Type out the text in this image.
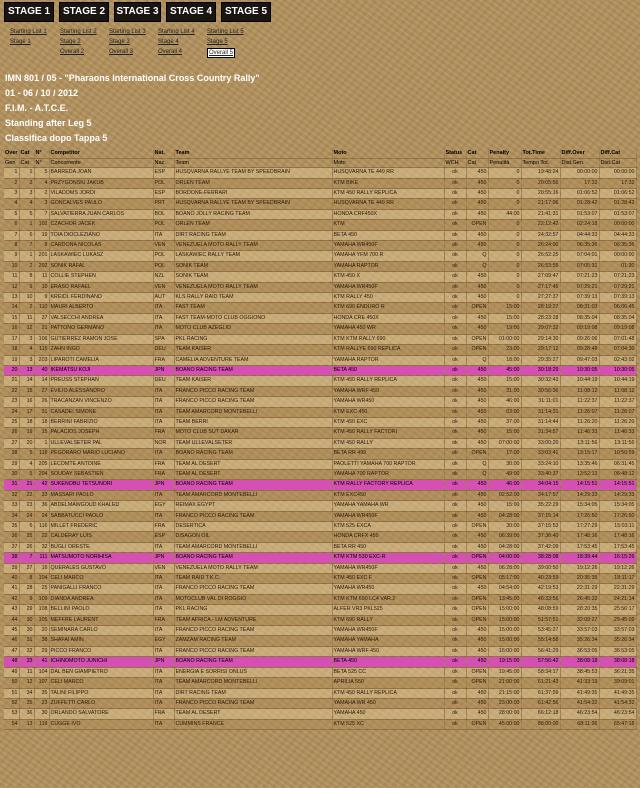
STAGE 1	STAGE 2	STAGE 3	STAGE 4	STAGE 5
Starting List 1
Stage 1
Starting List 2
Stage 2
Overall 2
Starting List 3
Stage 3
Overall 3
Starting List 4
Stage 4
Overall 4
Starting List 5
Stage 5
Overall 5
IMN 801 / 05 - "Pharaons International Cross Country Rally"
01 - 06 / 10 / 2012
F.I.M. - A.T.C.E.
Standing after Leg 5
Classifica dopo Tappa 5
Over	Cat	N°	Competitor	Nat.	Team	Moto	Status	Cat	Penalty	Tot.Time	Diff.Over	Diff.Cat
Gen	Cat	N°	Concorrente	Naz.	Team	Moto	WCH	Cat	Penalità	Tempo Tot.	Dist.Gen.	Dist.Cat
1	1	5	BARREDA JOAN	ESP	HUSQVARNA RALLYE TEAM BY SPEEDBRAIN	HUSQVARNA TE 449 RR	ok	450	0	19:48:24	00:00:00	00:00:00
2	2	4	PRZYGONSKI JAKUB	POL	ORLEN TEAM	KTM BIKE	ok	450	0	20:05:56	17:32	17:32
3	3	2	VILADOMS JORDI	ESP	BORDONE-FERRARI	KTM 450 RALLY REPLICA	ok	450	0	20:55:16	01:06:52	01:06:52
4	4	3	GONCALVES PAULO	PRT	HUSQVARNA RALLYE TEAM BY SPEEDBRAIN	HUSQVARNA TE 449 RR	ok	450	0	21:17:06	01:28:42	01:28:42
5	5	7	SALVATIERRA JUAN CARLOS	BOL	BOANO JOLLY RACING TEAM	HONDA CRF450X	ok	450	44:00	21:41:31	01:53:07	01:53:07
6	1	102	CZACHOR JACEK	POL	ORLEN TEAM	KTM	ok	OPEN	0	22:12:42	02:24:18	00:00:00
7	6	19	TOIA DIOCLEZIANO	ITA	DIRT RACING TEAM	BETA 450	ok	450	0	24:32:57	04:44:33	04:44:33
8	7	8	CARDONA NICOLAS	VEN	VENEZUELA MOTO RALLY TEAM	YAMAHA WR450F	ok	450	0	26:24:00	06:35:36	06:35:36
9	1	201	LASKAWIEC LUKASZ	POL	LASKAWIEC RALLY TEAM	YAMAHA YFM 700 R	ok	Q	0	26:52:25	07:04:01	00:00:00
10	2	202	SONIK RAFAL	POL	SONIK TEAM	YAMAHA RAPTOR	ok	Q	0	26:53:55	07:05:31	01:30
11	8	11	COLLIE STEPHEN	NZL	SONIK TEAM	KTM 450 X	ok	450	0	27:09:47	07:21:23	07:21:23
12	9	10	ERASO RAFAEL	VEN	VENEZUELA MOTO RALLY TEAM	YAMAHA WR450F	ok	450	0	27:17:45	07:29:21	07:29:21
13	10	9	KREIDL FERDINAND	AUT	KLS RALLY RAID TEAM	KTM RALLY 450	ok	450	0	27:27:37	07:39:13	07:39:13
14	2	110	MAURI ALBERTO	ITA	FAST TEAM	KTM 690 ENDURO R	ok	OPEN	15:00	28:19:27	08:31:03	06:06:45
15	11	37	VALSECCHI ANDREA	ITA	FAST TEAM-MOTO CLUB OGGIONO	HONDA CRE 450X	ok	450	15:00	28:23:28	08:35:04	08:35:04
16	12	21	PATTONO GERMANO	ITA	MOTO CLUB AZEGLIO	YAMAHA 450 WR	ok	450	19:00	29:07:32	09:19:08	09:19:08
17	3	106	GUTIERREZ RAMON JOSE	SPA	PKL RACING	KTM KTM RALLY 690	ok	OPEN	01:00:00	29:14:30	09:26:06	07:01:48
18	4	115	ZAHN INGO	DEU	TEAM KAISER	KTM RALLYE 690 REPLICA	ok	OPEN	23:00	29:17:12	09:28:48	07:04:30
19	3	203	LIPAROTI CAMELIA	FRA	CAMELIA ADVENTURE TEAM	YAMAHA RAPTOR	ok	Q	18:00	29:35:27	09:47:03	02:43:02
20	13	40	IKEMATSU KOJI	JPN	BOANO RACING TEAM	BETA 450	ok	450	45:00	30:18:29	10:30:05	10:30:05
21	14	14	PREUSS STEPHAN	DEU	TEAM KAISER	KTM 450 RALLY REPLICA	ok	450	15:00	30:32:43	10:44:19	10:44:19
22	15	27	EVILIO ALESSANDRO	ITA	FRANCO PICCO RACING TEAM	YAMAHA WRF 450	ok	450	31:00	30:56:36	11:08:12	11:08:12
23	16	26	TRACANZAN VINCENZO	ITA	FRANCO PICCO RACING TEAM	YAMAHA WR450	ok	450	46:00	31:11:01	11:22:37	11:22:37
24	17	31	CASADEI SIMONE	ITA	TEAM AMARCORD MONTEBELLI	KTM EXC 450	ok	450	03:00	31:14:31	11:26:07	11:26:07
25	18	18	BERRINI FABRIZIO	ITA	TEAM BERRI	KTM 450 EXC	ok	450	37:00	31:14:44	11:26:20	11:26:20
26	19	15	PALACIOS JOSEPH	FRA	MOTO CLUB SUT DAKAR	KTM 450 RALLY FACTORI	ok	450	15:00	31:34:57	11:46:33	11:46:33
27	20	1	ULLEVALSETER PAL	NOR	TEAM ULLEVALSETER	KTM 450 RALLY	ok	450	07:00:00	33:00:20	13:11:56	13:11:56
28	5	118	PEGORARO MARIO LUCIANO	ITA	BOANO RACING TEAM	BETA RR 499	ok	OPEN	17:00	33:03:41	13:15:17	10:50:59
29	4	205	LECOMTE ANTOINE	FRA	TEAM AL DESERT	PAOLETTI YAMAHA 700 RAPTOR	ok	Q	30:00	33:24:10	13:35:46	06:31:45
30	5	204	SOUDAY SEBASTIEN	FRA	TEAM AL DESERT	YAMAHA 700 RAPTOR	ok	Q	49:00	33:40:37	13:52:13	06:48:12
31	21	42	SUKENOBU TETSUNORI	JPN	BOANO RACING TEAM	KTM RALLY FACTORY REPLICA	ok	450	46:00	34:04:15	14:15:51	14:15:51
32	22	33	MASSARI PAOLO	ITA	TEAM AMARCORD MONTEBELLI	KTM EXC450	ok	450	02:52:00	34:17:57	14:29:33	14:29:33
33	23	36	ABDELMAWGOUD KHALED	EGY	REIMAX EGYPT	YAMAHA YAMAHA WR	ok	450	15:00	35:22:29	15:34:05	15:34:05
34	24	24	SABBATUCCI PAOLO	ITA	FRANCO PICCO RACING TEAM	YAMAHA WR450F	ok	450	04:28:00	37:15:14	17:26:50	17:26:50
35	6	116	MILLET FREDERIC	FRA	DESERTICA	KTM 525 EXCA	ok	OPEN	30:00	37:15:53	17:27:29	15:03:11
36	25	22	CALDERAY LUIS	ESP	DISAGON OIL	HONDA CRFX 450	ok	450	06:39:00	37:36:40	17:48:16	17:48:16
37	26	32	BUGLI ORESTE	ITA	TEAM AMARCORD MONTEBELLI	BETA RR 450	ok	450	04:28:00	37:42:09	17:53:45	17:53:45
38	7	111	MATSUMOTO NORIHISA	JPN	BOANO RACING TEAM	KTM KTM 530 EXC-R	ok	OPEN	04:00:00	38:28:08	18:39:44	16:15:26
39	27	16	QUERALES GUSTAVO	VEN	VENEZUELA MOTO RALLY TEAM	YAMAHA WR450F	ok	450	06:28:00	39:00:50	19:12:26	19:12:26
40	8	104	CELI MARCO	ITA	TEAM RAID T.K.C.	KTM 450 EXC F	ok	OPEN	05:17:00	40:23:59	20:35:35	18:11:17
41	28	25	PANIGALLI FRANCO	ITA	FRANCO PICCO RACING TEAM	YAMAHA WR450	ok	450	04:54:00	42:19:53	22:31:29	22:31:29
42	9	109	DIANDA ANDREA	ITA	MOTOCLUB VAL DI ROGGIO	KTM KTM 690 LC4 VAR.2	ok	OPEN	13:45:00	46:33:56	26:45:32	24:21:14
43	29	108	BELLINI PAOLO	ITA	PKL RACING	ALFER VR3 PKL525	ok	OPEN	15:00:00	48:08:59	28:20:35	25:56:17
44	30	105	MEFFRE LAURENT	FRA	TEAM AFRICA - LM ADVENTURE	KTM 690 RALLY	ok	OPEN	15:00:00	51:57:51	32:09:27	29:45:09
45	30	20	SEMINARA CARLO	ITA	FRANCO PICCO RACING TEAM	YAMAHA WR450F	ok	450	15:00:00	53:45:27	33:57:03	33:57:03
46	31	38	SHAFAI AMIN	EGY	ZAMZAM RACING TEAM	YAMAHA YAMAHA	ok	450	15:00:00	55:14:58	35:26:34	35:26:34
47	32	29	PICCO FRANCO	ITA	FRANCO PICCO RACING TEAM	YAMAHA WRF 450	ok	450	16:00:00	56:41:29	36:53:05	36:53:05
48	33	41	ICHINOMOTO JUNICHI	JPN	BOANO RACING TEAM	BETA 450	ok	450	19:15:00	57:56:42	38:08:18	38:08:18
49	11	104	DAL BEN GIAMPIETRO	ITA	ENERGIA E SORRISI ONLUS	BETA 525 CC	ok	OPEN	19:45:00	58:34:17	38:45:53	36:21:35
50	12	107	CELI MARCO	ITA	TEAM AMARCORD MONTEBELLI	APRILIA 550	ok	OPEN	21:00:00	61:21:43	41:33:19	39:09:01
51	34	35	TALINI FILIPPO	ITA	DIRT RACING TEAM	KTM 450 RALLY REPLICA	ok	450	21:15:00	61:37:59	41:49:35	41:49:35
52	35	23	ZUFFETTI CARLO	ITA	FRANCO PICCO RACING TEAM	YAMAHA WR 450	ok	450	23:00:00	61:42:56	41:54:32	41:54:32
53	36	30	ORLANDO SALVATORE	FRA	TEAM AL DESERT	YAMAHA 450	ok	450	28:00:00	66:12:18	46:23:54	46:23:54
54	13	119	CUGGE IVO	ITA	CUMMINS FRANCE	KTM 525 XC	ok	OPEN	45:00:00	88:00:00	68:11:36	65:47:18
